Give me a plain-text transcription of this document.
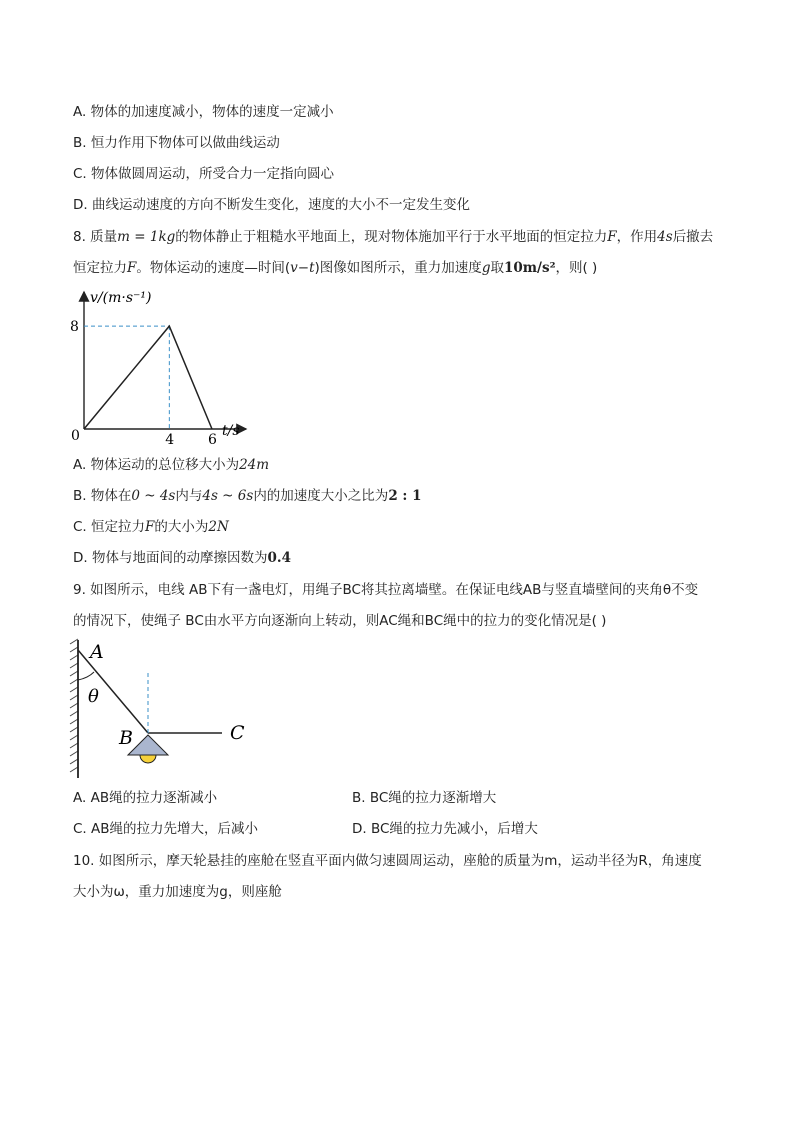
A. 物体的加速度减小，物体的速度一定减小
B. 恒力作用下物体可以做曲线运动
C. 物体做圆周运动，所受合力一定指向圆心
D. 曲线运动速度的方向不断发生变化，速度的大小不一定发生变化
8. 质量m = 1kg的物体静止于粗糙水平地面上，现对物体施加平行于水平地面的恒定拉力F，作用4s后撤去
恒定拉力F。物体运动的速度—时间(v−t)图像如图所示，重力加速度g取10m/s²，则( )
v/(m·s⁻¹)
t/s
0
8
4 6
A. 物体运动的总位移大小为24m
B. 物体在0 ~ 4s内与4s ~ 6s内的加速度大小之比为2 : 1
C. 恒定拉力F的大小为2N
D. 物体与地面间的动摩擦因数为0.4
9. 如图所示，电线 AB下有一盏电灯，用绳子BC将其拉离墙壁。在保证电线AB与竖直墙壁间的夹角θ不变
的情况下，使绳子 BC由水平方向逐渐向上转动，则AC绳和BC绳中的拉力的变化情况是( )
A
θ
B	C
A. AB绳的拉力逐渐减小	B. BC绳的拉力逐渐增大
C. AB绳的拉力先增大，后减小	D. BC绳的拉力先减小，后增大
10. 如图所示，摩天轮悬挂的座舱在竖直平面内做匀速圆周运动，座舱的质量为m，运动半径为R，角速度
大小为ω，重力加速度为g，则座舱
